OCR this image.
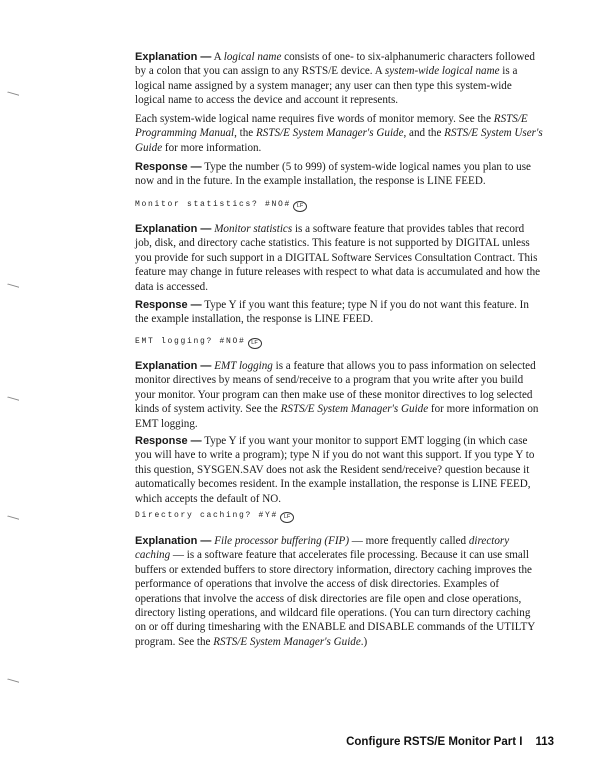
Explanation — A logical name consists of one- to six-alphanumeric characters followed by a colon that you can assign to any RSTS/E device. A system-wide logical name is a logical name assigned by a system manager; any user can then type this system-wide logical name to access the device and account it represents.

Each system-wide logical name requires five words of monitor memory. See the RSTS/E Programming Manual, the RSTS/E System Manager's Guide, and the RSTS/E System User's Guide for more information.

Response — Type the number (5 to 999) of system-wide logical names you plan to use now and in the future. In the example installation, the response is LINE FEED.

Monitor statistics? #NO# LF

Explanation — Monitor statistics is a software feature that provides tables that record job, disk, and directory cache statistics. This feature is not supported by DIGITAL unless you provide for such support in a DIGITAL Software Services Consultation Contract. This feature may change in future releases with respect to what data is accumulated and how the data is accessed.

Response — Type Y if you want this feature; type N if you do not want this feature. In the example installation, the response is LINE FEED.

EMT logging? #NO# LF

Explanation — EMT logging is a feature that allows you to pass information on selected monitor directives by means of send/receive to a program that you write after you build your monitor. Your program can then make use of these monitor directives to log selected kinds of system activity. See the RSTS/E System Manager's Guide for more information on EMT logging.

Response — Type Y if you want your monitor to support EMT logging (in which case you will have to write a program); type N if you do not want this support. If you type Y to this question, SYSGEN.SAV does not ask the Resident send/receive? question because it automatically becomes resident. In the example installation, the response is LINE FEED, which accepts the default of NO.

Directory caching? #Y# LF

Explanation — File processor buffering (FIP) — more frequently called directory caching — is a software feature that accelerates file processing. Because it can use small buffers or extended buffers to store directory information, directory caching improves the performance of operations that involve the access of disk directories. Examples of operations that involve the access of disk directories are file open and close operations, directory listing operations, and wildcard file operations. (You can turn directory caching on or off during timesharing with the ENABLE and DISABLE commands of the UTILTY program. See the RSTS/E System Manager's Guide.)

Configure RSTS/E Monitor Part I 113
